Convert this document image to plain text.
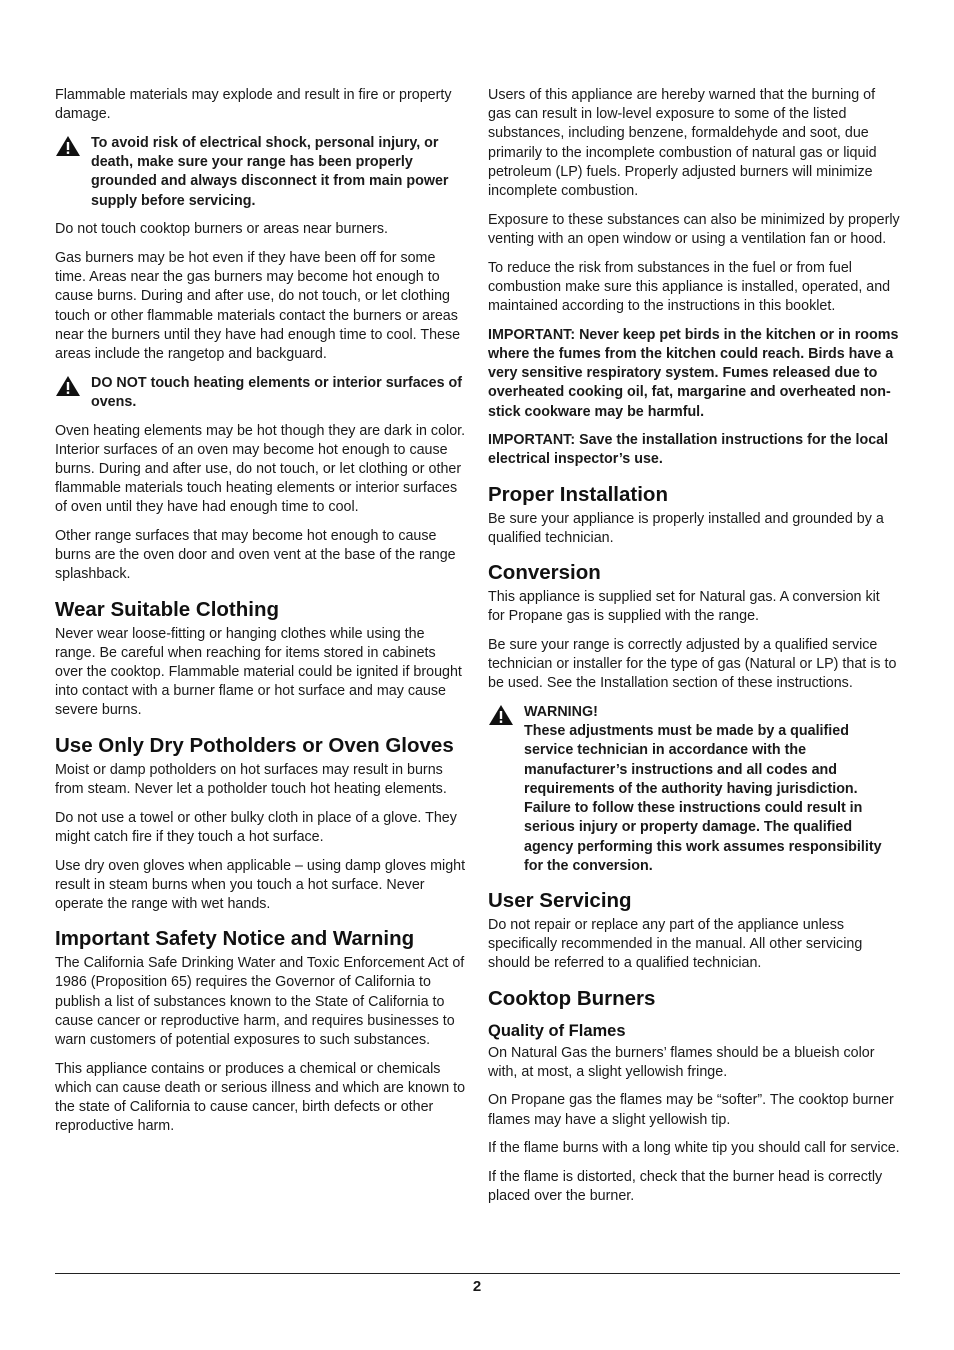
Flammable materials may explode and result in fire or property damage.

To avoid risk of electrical shock, personal injury, or death, make sure your range has been properly grounded and always disconnect it from main power supply before servicing.

Do not touch cooktop burners or areas near burners.

Gas burners may be hot even if they have been off for some time. Areas near the gas burners may become hot enough to cause burns. During and after use, do not touch, or let clothing touch or other flammable materials contact the burners or areas near the burners until they have had enough time to cool. These areas include the rangetop and backguard.

DO NOT touch heating elements or interior surfaces of ovens.

Oven heating elements may be hot though they are dark in color. Interior surfaces of an oven may become hot enough to cause burns. During and after use, do not touch, or let clothing or other flammable materials touch heating elements or interior surfaces of oven until they have had enough time to cool.

Other range surfaces that may become hot enough to cause burns are the oven door and oven vent at the base of the range splashback.

Wear Suitable Clothing

Never wear loose-fitting or hanging clothes while using the range. Be careful when reaching for items stored in cabinets over the cooktop. Flammable material could be ignited if brought into contact with a burner flame or hot surface and may cause severe burns.

Use Only Dry Potholders or Oven Gloves

Moist or damp potholders on hot surfaces may result in burns from steam. Never let a potholder touch hot heating elements.

Do not use a towel or other bulky cloth in place of a glove. They might catch fire if they touch a hot surface.

Use dry oven gloves when applicable – using damp gloves might result in steam burns when you touch a hot surface. Never operate the range with wet hands.

Important Safety Notice and Warning

The California Safe Drinking Water and Toxic Enforcement Act of 1986 (Proposition 65) requires the Governor of California to publish a list of substances known to the State of California to cause cancer or reproductive harm, and requires businesses to warn customers of potential exposures to such substances.

This appliance contains or produces a chemical or chemicals which can cause death or serious illness and which are known to the state of California to cause cancer, birth defects or other reproductive harm.

Users of this appliance are hereby warned that the burning of gas can result in low-level exposure to some of the listed substances, including benzene, formaldehyde and soot, due primarily to the incomplete combustion of natural gas or liquid petroleum (LP) fuels. Properly adjusted burners will minimize incomplete combustion.

Exposure to these substances can also be minimized by properly venting with an open window or using a ventilation fan or hood.

To reduce the risk from substances in the fuel or from fuel combustion make sure this appliance is installed, operated, and maintained according to the instructions in this booklet.

IMPORTANT: Never keep pet birds in the kitchen or in rooms where the fumes from the kitchen could reach. Birds have a very sensitive respiratory system. Fumes released due to overheated cooking oil, fat, margarine and overheated non-stick cookware may be harmful.

IMPORTANT: Save the installation instructions for the local electrical inspector’s use.

Proper Installation

Be sure your appliance is properly installed and grounded by a qualified technician.

Conversion

This appliance is supplied set for Natural gas. A conversion kit for Propane gas is supplied with the range.

Be sure your range is correctly adjusted by a qualified service technician or installer for the type of gas (Natural or LP) that is to be used. See the Installation section of these instructions.

WARNING!
These adjustments must be made by a qualified service technician in accordance with the manufacturer’s instructions and all codes and requirements of the authority having jurisdiction. Failure to follow these instructions could result in serious injury or property damage. The qualified agency performing this work assumes responsibility for the conversion.
User Servicing

Do not repair or replace any part of the appliance unless specifically recommended in the manual. All other servicing should be referred to a qualified technician.

Cooktop Burners
Quality of Flames

On Natural Gas the burners’ flames should be a blueish color with, at most, a slight yellowish fringe.

On Propane gas the flames may be “softer”. The cooktop burner flames may have a slight yellowish tip.

If the flame burns with a long white tip you should call for service.

If the flame is distorted, check that the burner head is correctly placed over the burner.

2
